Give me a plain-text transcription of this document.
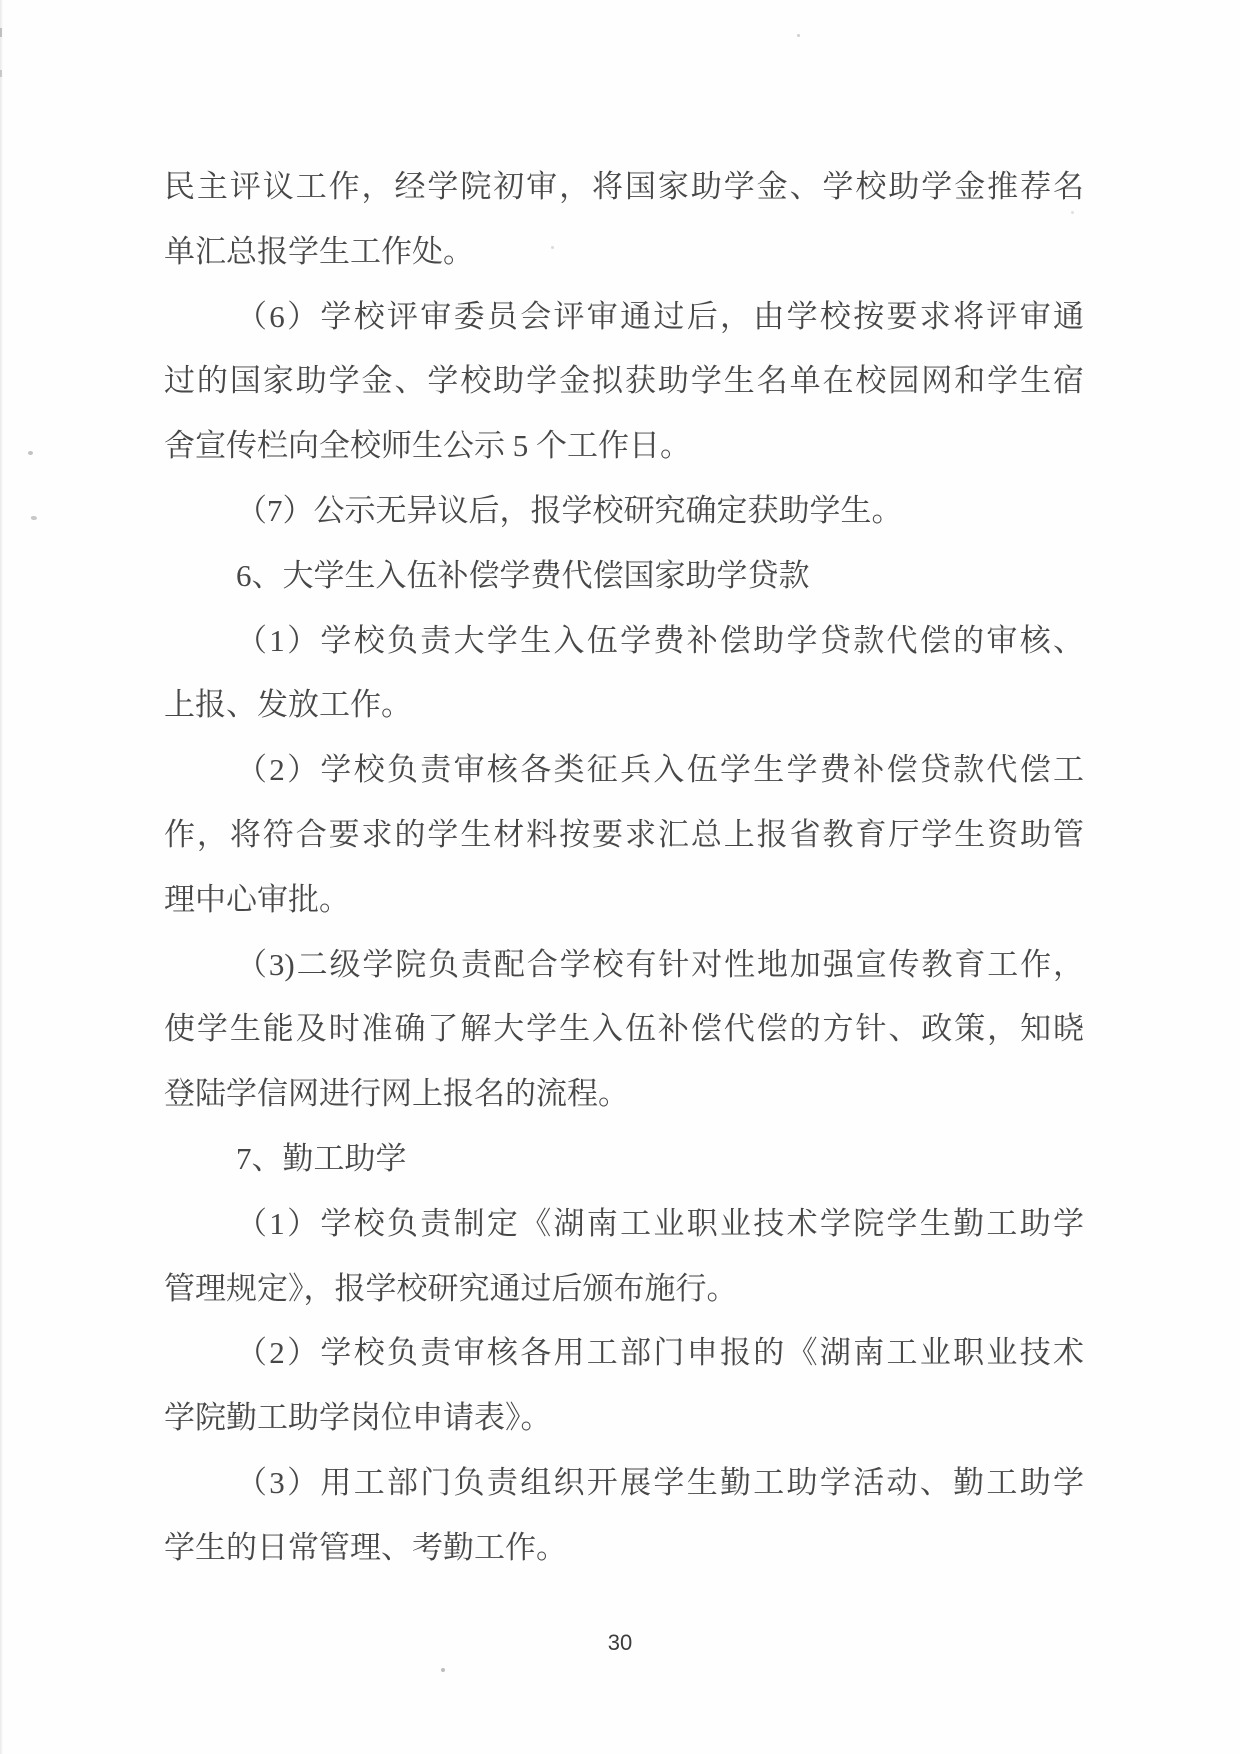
民主评议工作，经学院初审，将国家助学金、学校助学金推荐名
单汇总报学生工作处。
（6）学校评审委员会评审通过后，由学校按要求将评审通
过的国家助学金、学校助学金拟获助学生名单在校园网和学生宿
舍宣传栏向全校师生公示 5 个工作日。
（7）公示无异议后，报学校研究确定获助学生。
6、大学生入伍补偿学费代偿国家助学贷款
（1）学校负责大学生入伍学费补偿助学贷款代偿的审核、
上报、发放工作。
（2）学校负责审核各类征兵入伍学生学费补偿贷款代偿工
作，将符合要求的学生材料按要求汇总上报省教育厅学生资助管
理中心审批。
（3)二级学院负责配合学校有针对性地加强宣传教育工作，
使学生能及时准确了解大学生入伍补偿代偿的方针、政策，知晓
登陆学信网进行网上报名的流程。
7、勤工助学
（1）学校负责制定《湖南工业职业技术学院学生勤工助学
管理规定》，报学校研究通过后颁布施行。
（2）学校负责审核各用工部门申报的《湖南工业职业技术
学院勤工助学岗位申请表》。
（3）用工部门负责组织开展学生勤工助学活动、勤工助学
学生的日常管理、考勤工作。
30
